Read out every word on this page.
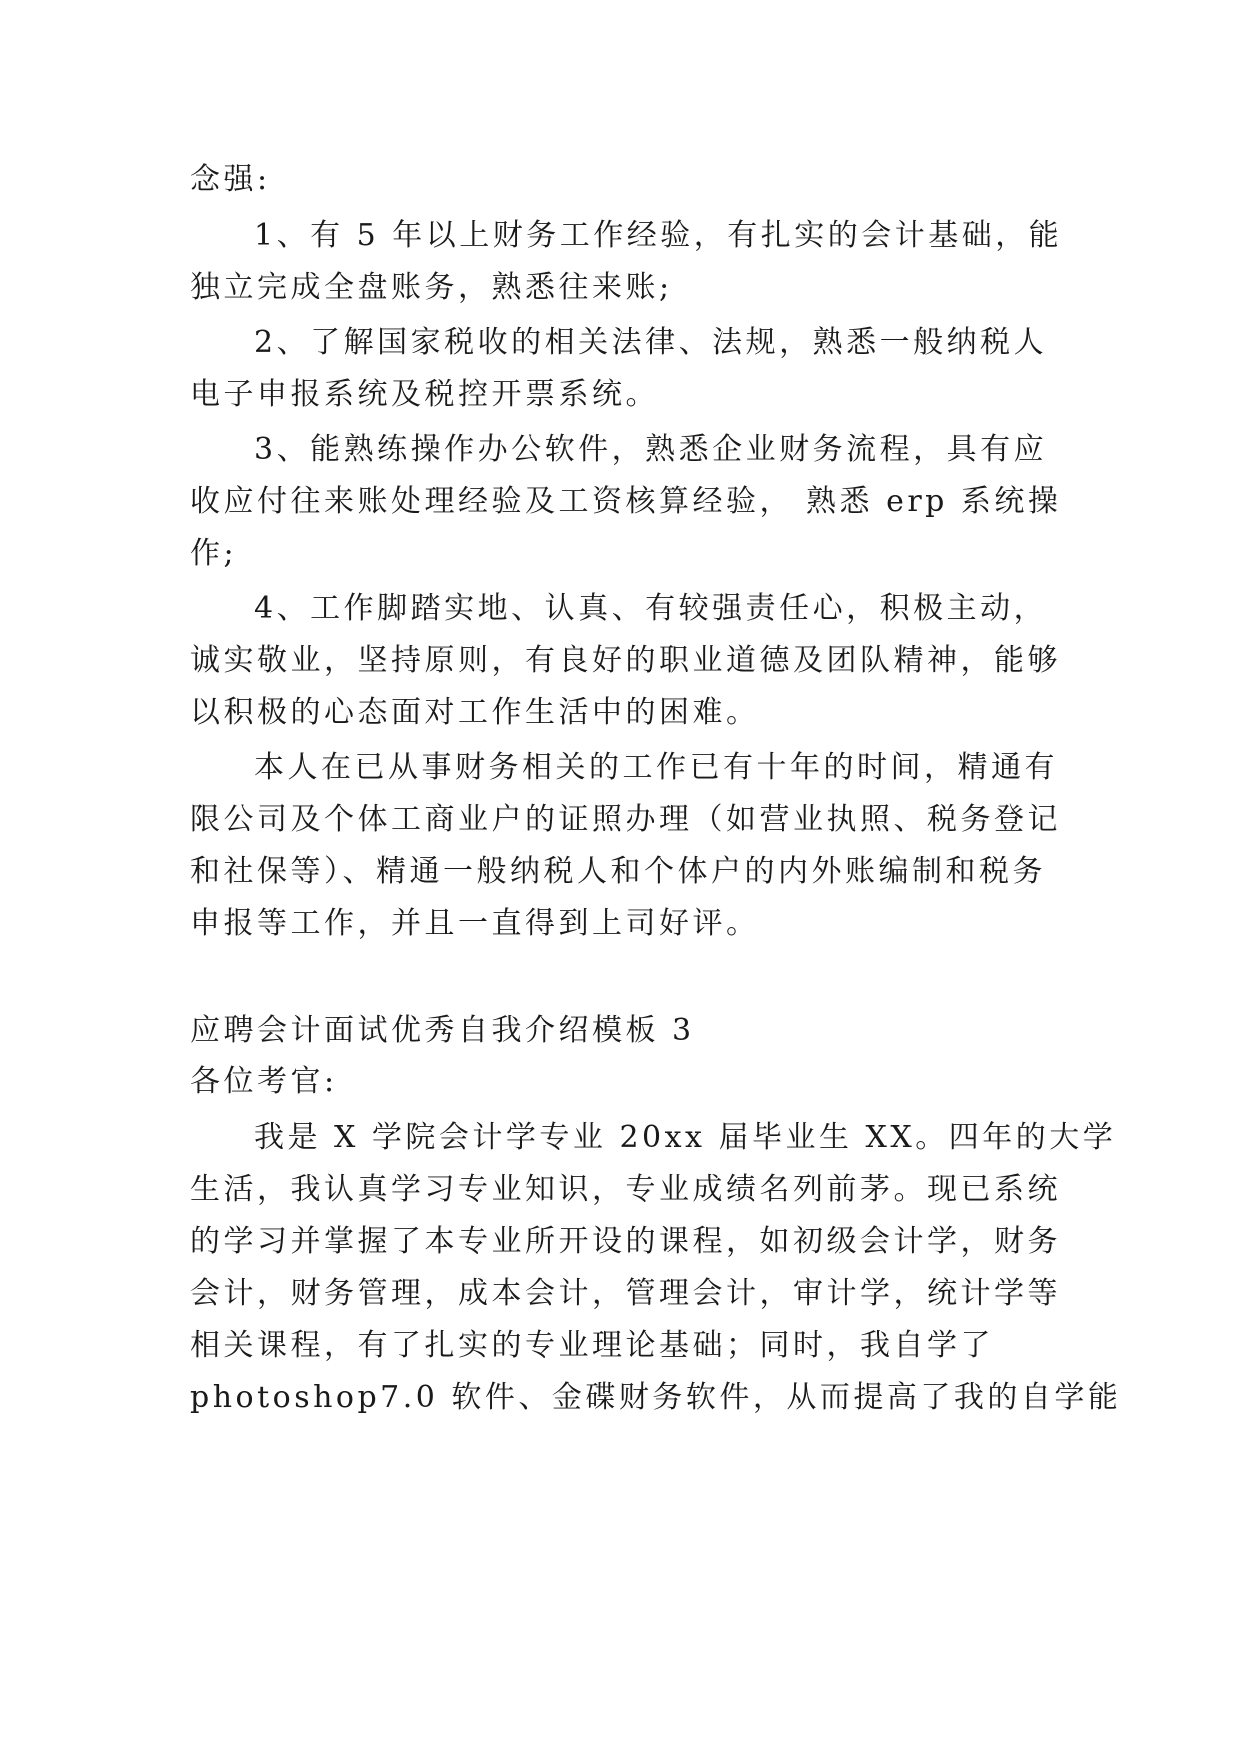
念强:
1、有 5 年以上财务工作经验，有扎实的会计基础，能
独立完成全盘账务，熟悉往来账;
2、了解国家税收的相关法律、法规，熟悉一般纳税人
电子申报系统及税控开票系统。
3、能熟练操作办公软件，熟悉企业财务流程，具有应
收应付往来账处理经验及工资核算经验， 熟悉 erp 系统操
作;
4、工作脚踏实地、认真、有较强责任心，积极主动，
诚实敬业，坚持原则，有良好的职业道德及团队精神，能够
以积极的心态面对工作生活中的困难。
本人在已从事财务相关的工作已有十年的时间，精通有
限公司及个体工商业户的证照办理（如营业执照、税务登记
和社保等）、精通一般纳税人和个体户的内外账编制和税务
申报等工作，并且一直得到上司好评。
应聘会计面试优秀自我介绍模板 3
各位考官:
我是 X 学院会计学专业 20xx 届毕业生 XX。四年的大学
生活，我认真学习专业知识，专业成绩名列前茅。现已系统
的学习并掌握了本专业所开设的课程，如初级会计学，财务
会计，财务管理，成本会计，管理会计，审计学，统计学等
相关课程，有了扎实的专业理论基础；同时，我自学了
photoshop7.0 软件、金碟财务软件，从而提高了我的自学能
